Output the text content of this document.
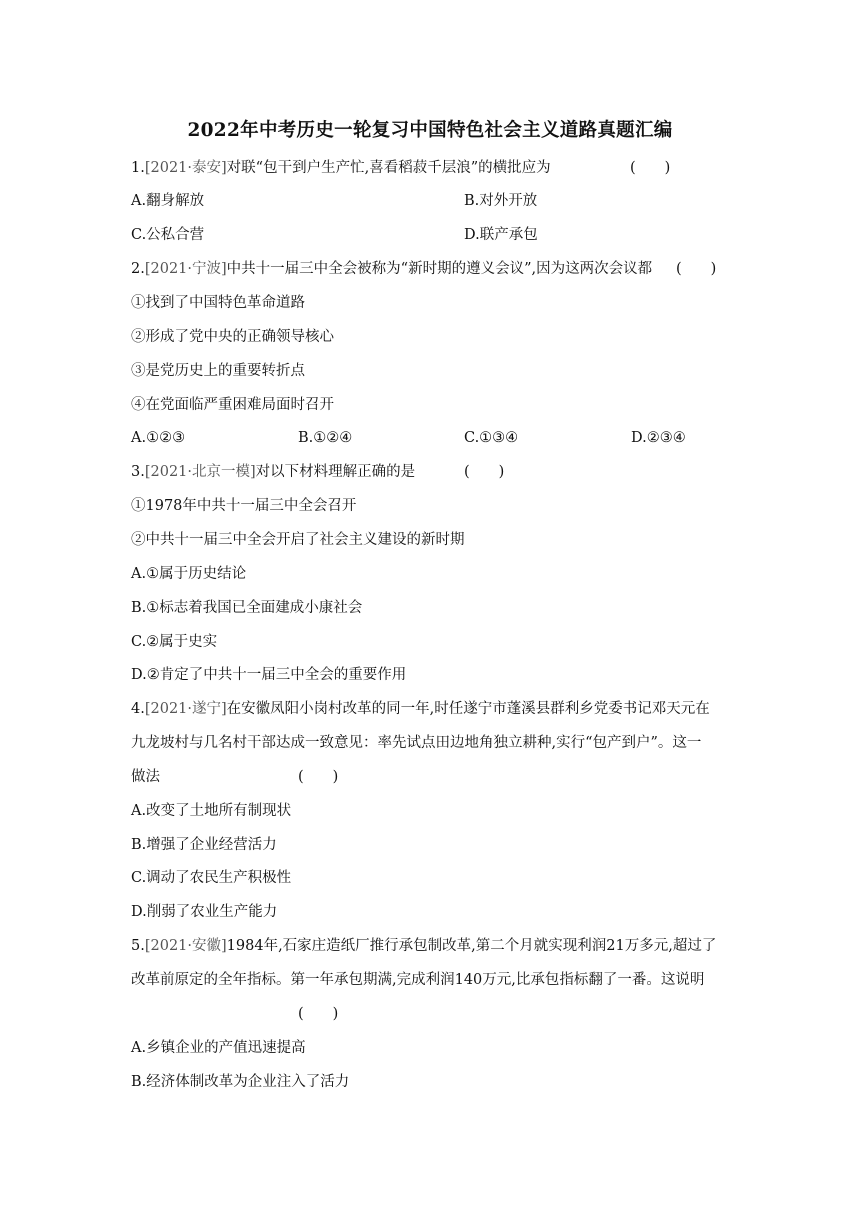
2022年中考历史一轮复习中国特色社会主义道路真题汇编
1.[2021·泰安]对联“包干到户生产忙,喜看稻菽千层浪”的横批应为	(　　)
A.翻身解放	B.对外开放
C.公私合营	D.联产承包
2.[2021·宁波]中共十一届三中全会被称为“新时期的遵义会议”,因为这两次会议都 (　　)
①找到了中国特色革命道路
②形成了党中央的正确领导核心
③是党历史上的重要转折点
④在党面临严重困难局面时召开
A.①②③	B.①②④	C.①③④	D.②③④
3.[2021·北京一模]对以下材料理解正确的是	(　　)
①1978年中共十一届三中全会召开
②中共十一届三中全会开启了社会主义建设的新时期
A.①属于历史结论
B.①标志着我国已全面建成小康社会
C.②属于史实
D.②肯定了中共十一届三中全会的重要作用
4.[2021·遂宁]在安徽凤阳小岗村改革的同一年,时任遂宁市蓬溪县群利乡党委书记邓天元在
九龙坡村与几名村干部达成一致意见：率先试点田边地角独立耕种,实行“包产到户”。这一
做法	(　　)
A.改变了土地所有制现状
B.增强了企业经营活力
C.调动了农民生产积极性
D.削弱了农业生产能力
5.[2021·安徽]1984年,石家庄造纸厂推行承包制改革,第二个月就实现利润21万多元,超过了
改革前原定的全年指标。第一年承包期满,完成利润140万元,比承包指标翻了一番。这说明
(　　)
A.乡镇企业的产值迅速提高
B.经济体制改革为企业注入了活力
